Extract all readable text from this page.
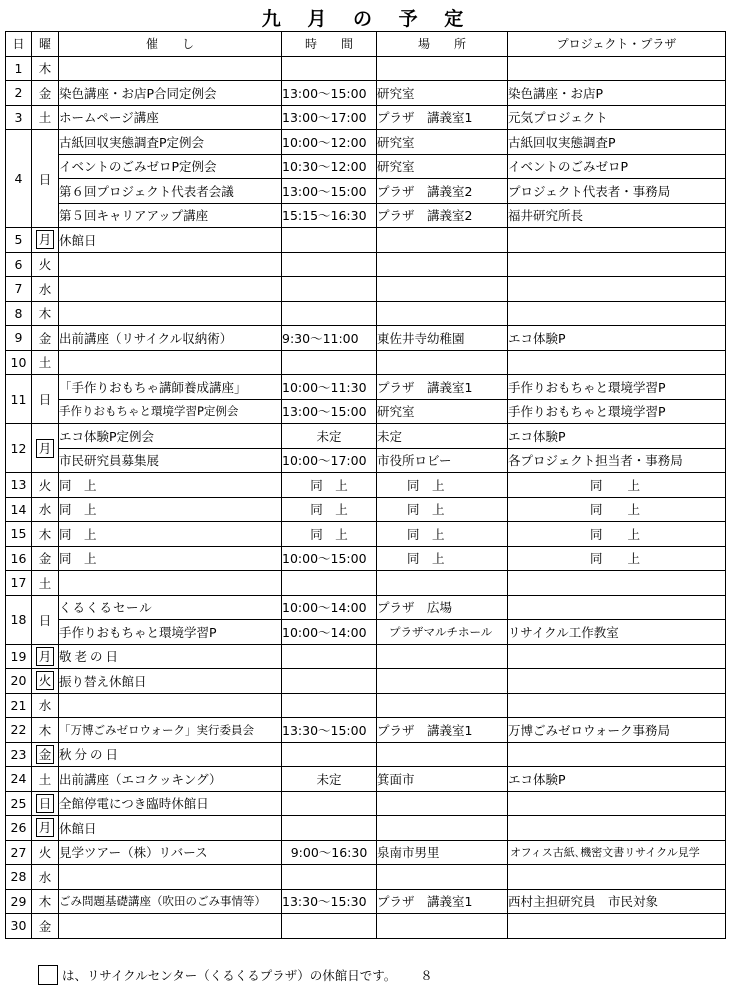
九 月 の 予 定
日	曜	催　　し	時　　間	場　　所	プロジェクト・プラザ
1	木				
2	金	染色講座・お店P合同定例会	13:00～15:00	研究室	染色講座・お店P
3	土	ホームページ講座	13:00～17:00	プラザ　講義室1	元気プロジェクト
4	日	古紙回収実態調査P定例会	10:00～12:00	研究室	古紙回収実態調査P
		イベントのごみゼロP定例会	10:30～12:00	研究室	イベントのごみゼロP
		第６回プロジェクト代表者会議	13:00～15:00	プラザ　講義室2	プロジェクト代表者・事務局
		第５回キャリアアップ講座	15:15～16:30	プラザ　講義室2	福井研究所長
5	月	休館日			
6	火				
7	水				
8	木				
9	金	出前講座（リサイクル収納術）	9:30～11:00	東佐井寺幼稚園	エコ体験P
10	土				
11	日	「手作りおもちゃ講師養成講座」	10:00～11:30	プラザ　講義室1	手作りおもちゃと環境学習P
		手作りおもちゃと環境学習P定例会	13:00～15:00	研究室	手作りおもちゃと環境学習P
12	月	エコ体験P定例会	未定	未定	エコ体験P
		市民研究員募集展	10:00～17:00	市役所ロビー	各プロジェクト担当者・事務局
13	火	同　上	同　上	同　上	同　　上
14	水	同　上	同　上	同　上	同　　上
15	木	同　上	同　上	同　上	同　　上
16	金	同　上	10:00～15:00	同　上	同　　上
17	土				
18	日	くるくるセール	10:00～14:00	プラザ　広場	
		手作りおもちゃと環境学習P	10:00～14:00	プラザマルチホール	リサイクル工作教室
19	月	敬老の日			
20	火	振り替え休館日			
21	水				
22	木	「万博ごみゼロウォーク」実行委員会	13:30～15:00	プラザ　講義室1	万博ごみゼロウォーク事務局
23	金	秋分の日			
24	土	出前講座（エコクッキング）	未定	箕面市	エコ体験P
25	日	全館停電につき臨時休館日			
26	月	休館日			
27	火	見学ツアー（株）リバース	9:00～16:30	泉南市男里	オフィス古紙､機密文書リサイクル見学
28	水				
29	木	ごみ問題基礎講座（吹田のごみ事情等）	13:30～15:30	プラザ　講義室1	西村主担研究員　市民対象
30	金				
は、リサイクルセンター（くるくるプラザ）の休館日です。 ８
